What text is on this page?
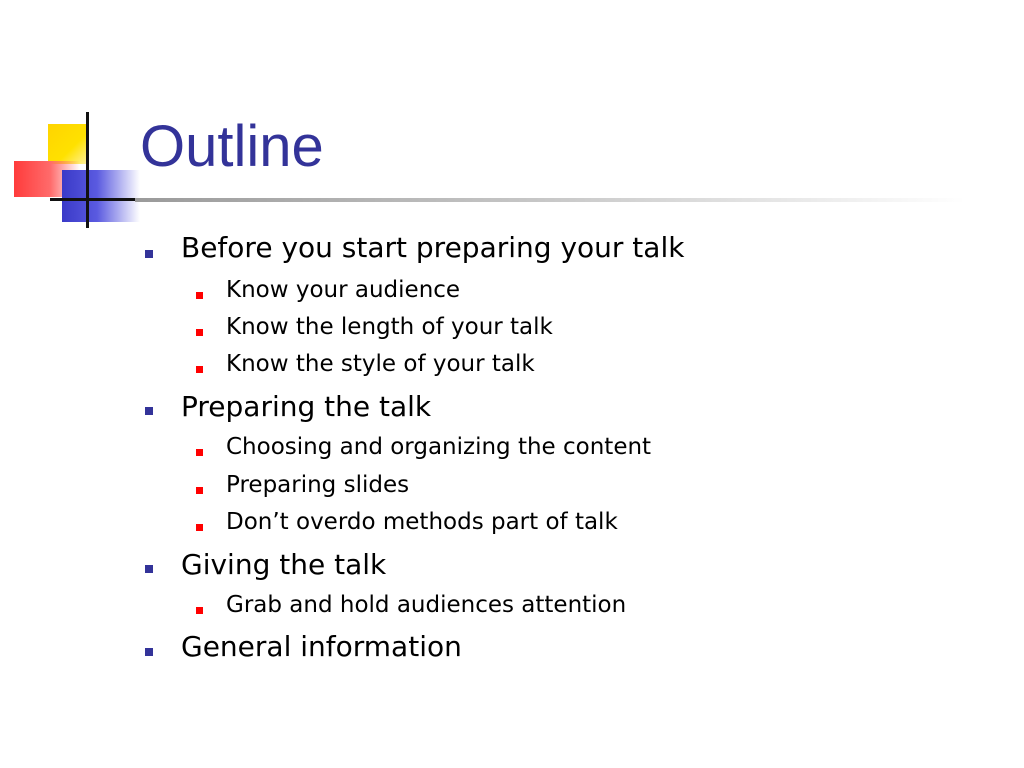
Outline
Before you start preparing your talk
Know your audience
Know the length of your talk
Know the style of your talk
Preparing the talk
Choosing and organizing the content
Preparing slides
Don’t overdo methods part of talk
Giving the talk
Grab and hold audiences attention
General information
